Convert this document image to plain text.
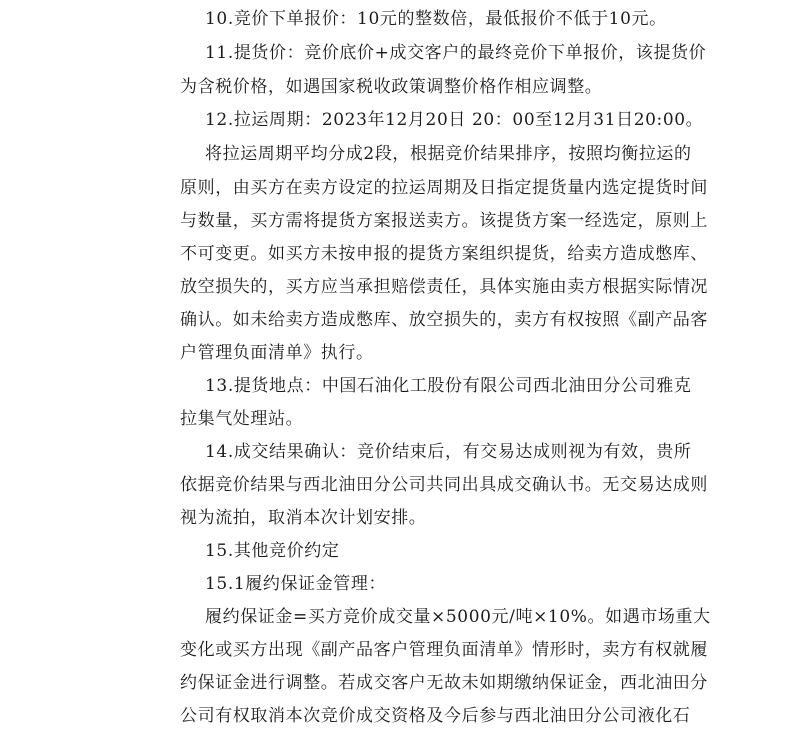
10.竞价下单报价：10元的整数倍，最低报价不低于10元。
11.提货价：竞价底价+成交客户的最终竞价下单报价，该提货价
为含税价格，如遇国家税收政策调整价格作相应调整。
12.拉运周期：2023年12月20日 20：00至12月31日20:00。
将拉运周期平均分成2段，根据竞价结果排序，按照均衡拉运的
原则，由买方在卖方设定的拉运周期及日指定提货量内选定提货时间
与数量，买方需将提货方案报送卖方。该提货方案一经选定，原则上
不可变更。如买方未按申报的提货方案组织提货，给卖方造成憋库、
放空损失的，买方应当承担赔偿责任，具体实施由卖方根据实际情况
确认。如未给卖方造成憋库、放空损失的，卖方有权按照《副产品客
户管理负面清单》执行。
13.提货地点：中国石油化工股份有限公司西北油田分公司雅克
拉集气处理站。
14.成交结果确认：竞价结束后，有交易达成则视为有效，贵所
依据竞价结果与西北油田分公司共同出具成交确认书。无交易达成则
视为流拍，取消本次计划安排。
15.其他竞价约定
15.1履约保证金管理：
履约保证金=买方竞价成交量×5000元/吨×10%。如遇市场重大
变化或买方出现《副产品客户管理负面清单》情形时，卖方有权就履
约保证金进行调整。若成交客户无故未如期缴纳保证金，西北油田分
公司有权取消本次竞价成交资格及今后参与西北油田分公司液化石
